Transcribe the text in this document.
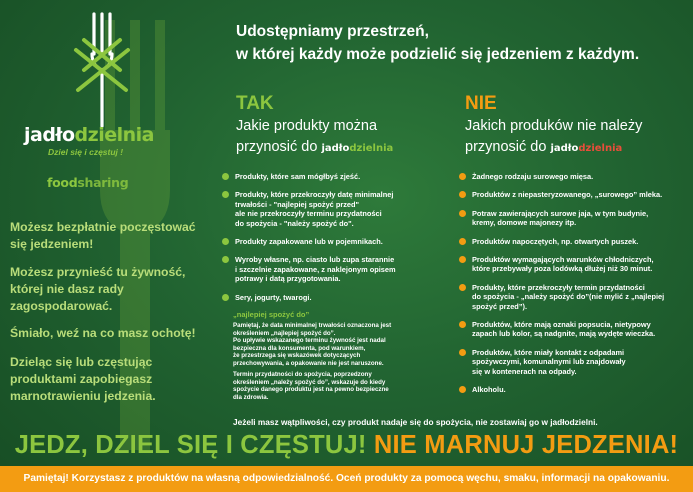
jadłodzielnia
Dziel się i częstuj !
foodsharing
Możesz bezpłatnie poczęstować się jedzeniem!
Możesz przynieść tu żywność, której nie dasz rady zagospodarować.
Śmiało, weź na co masz ochotę!
Dzieląc się lub częstując produktami zapobiegasz marnotrawieniu jedzenia.
Udostępniamy przestrzeń,
w której każdy może podzielić się jedzeniem z każdym.
TAK
Jakie produkty można
przynosić do jadłodzielnia
NIE
Jakich produków nie należy
przynosić do jadłodzielnia
Produkty, które sam mógłbyś zjeść.
Produkty, które przekroczyły datę minimalnej
trwałości - "najlepiej spożyć przed"
ale nie przekroczyły terminu przydatności
do spożycia - "należy spożyć do".
Produkty zapakowane lub w pojemnikach.
Wyroby własne, np. ciasto lub zupa starannie
i szczelnie zapakowane, z naklejonym opisem
potrawy i datą przygotowania.
Sery, jogurty, twarogi.
„najlepiej spożyć do”
Pamiętaj, że data minimalnej trwałości oznaczona jest
określeniem „najlepiej spożyć do”.
Po upływie wskazanego terminu żywność jest nadal
bezpieczna dla konsumenta, pod warunkiem,
że przestrzega się wskazówek dotyczących
przechowywania, a opakowanie nie jest naruszone.
Termin przydatności do spożycia, poprzedzony
określeniem „należy spożyć do”, wskazuje do kiedy
spożycie danego produktu jest na pewno bezpieczne
dla zdrowia.
Żadnego rodzaju surowego mięsa.
Produktów z niepasteryzowanego, „surowego” mleka.
Potraw zawierających surowe jaja, w tym budynie,
kremy, domowe majonezy itp.
Produktów napoczętych, np. otwartych puszek.
Produktów wymagających warunków chłodniczych,
które przebywały poza lodówką dłużej niż 30 minut.
Produkty, które przekroczyły termin przydatności
do spożycia - „należy spożyć do”(nie mylić z „najlepiej
spożyć przed”).
Produktów, które mają oznaki popsucia, nietypowy
zapach lub kolor, są nadgnite, mają wydęte wieczka.
Produktów, które miały kontakt z odpadami
spożywczymi, komunalnymi lub znajdowały
się w kontenerach na odpady.
Alkoholu.
Jeżeli masz wątpliwości, czy produkt nadaje się do spożycia, nie zostawiaj go w jadłodzielni.
JEDZ, DZIEL SIĘ I CZĘSTUJ! NIE MARNUJ JEDZENIA!
Pamiętaj! Korzystasz z produktów na własną odpowiedzialność. Oceń produkty za pomocą węchu, smaku, informacji na opakowaniu.
